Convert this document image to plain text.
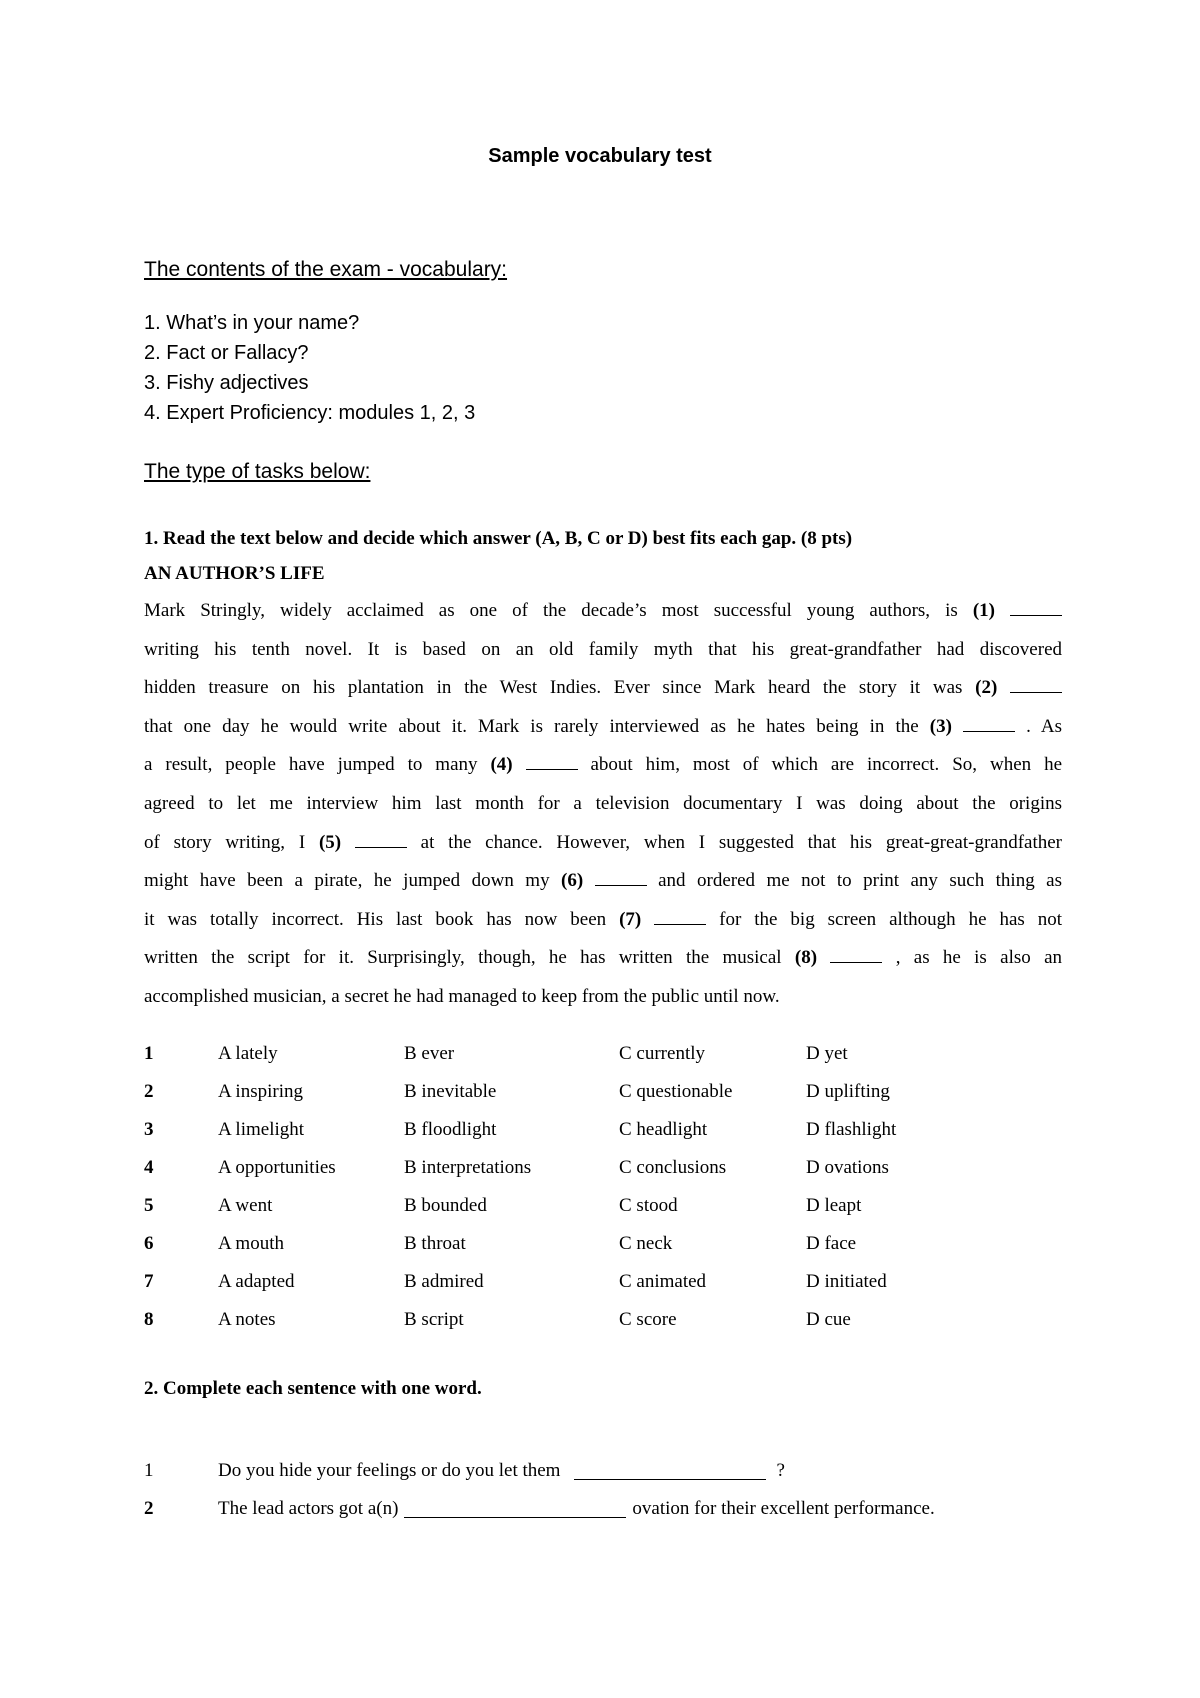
Sample vocabulary test
The contents of the exam - vocabulary:
1. What’s in your name?
2. Fact or Fallacy?
3. Fishy adjectives
4. Expert Proficiency: modules 1, 2, 3
The type of tasks below:
1. Read the text below and decide which answer (A, B, C or D) best fits each gap. (8 pts)
AN AUTHOR’S LIFE
Mark Stringly, widely acclaimed as one of the decade’s most successful young authors, is (1)
writing his tenth novel. It is based on an old family myth that his great-grandfather had discovered
hidden treasure on his plantation in the West Indies. Ever since Mark heard the story it was (2)
that one day he would write about it. Mark is rarely interviewed as he hates being in the (3)	. As
a result, people have jumped to many (4)	about him, most of which are incorrect. So, when he
agreed to let me interview him last month for a television documentary I was doing about the origins
of story writing, I (5)	at the chance. However, when I suggested that his great-great-grandfather
might have been a pirate, he jumped down my (6)	and ordered me not to print any such thing as
it was totally incorrect. His last book has now been (7)	for the big screen although he has not
written the script for it. Surprisingly, though, he has written the musical (8)	, as he is also an
accomplished musician, a secret he had managed to keep from the public until now.
1	A lately	B ever	C currently	D yet
2	A inspiring	B inevitable	C questionable	D uplifting
3	A limelight	B floodlight	C headlight	D flashlight
4	A opportunities	B interpretations	C conclusions	D ovations
5	A went	B bounded	C stood	D leapt
6	A mouth	B throat	C neck	D face
7	A adapted	B admired	C animated	D initiated
8	A notes	B script	C score	D cue
2. Complete each sentence with one word.
1	Do you hide your feelings or do you let them	?
2	The lead actors got a(n)	ovation for their excellent performance.
